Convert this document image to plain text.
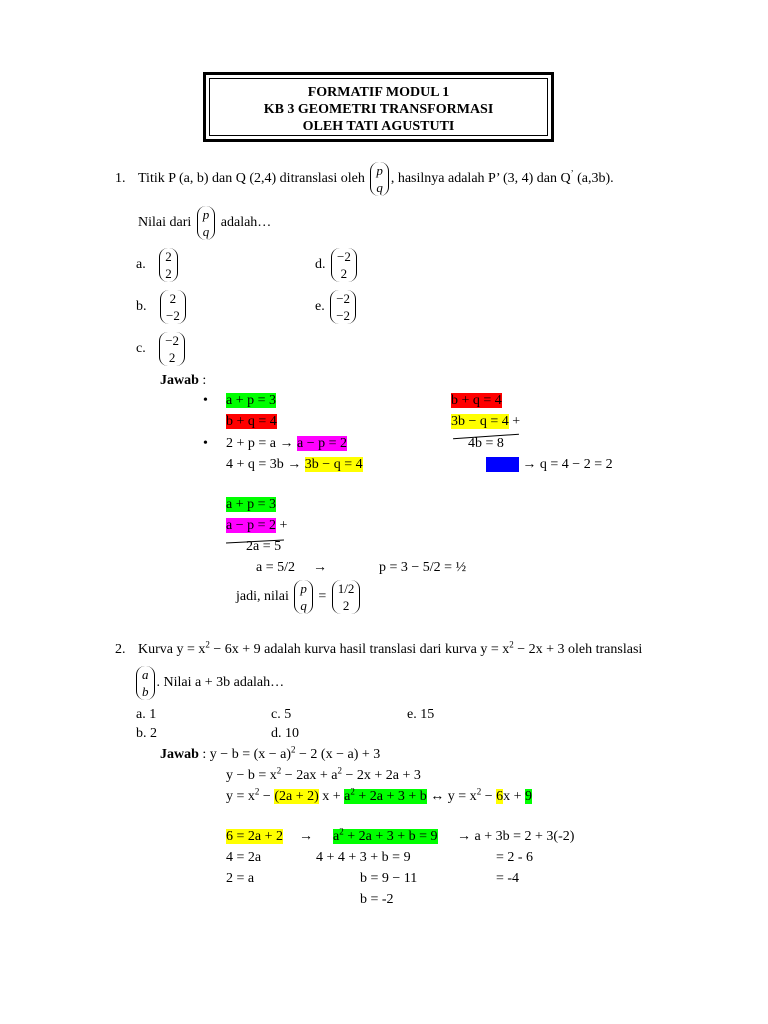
FORMATIF MODUL 1
KB 3 GEOMETRI TRANSFORMASI
OLEH TATI AGUSTUTI
1. Titik P (a, b) dan Q (2,4) ditranslasi oleh
p
q
, hasilnya adalah P’ (3, 4) dan Q’ (a,3b).
Nilai dari
p
q
adalah…
a.
2
2
b.
2
−2
c.
−2
2
d.
−2
2
e.
−2
−2
Jawab :
• a + p = 3
b + q = 4
b + q = 4
3b − q = 4 +
4b = 8
• 2 + p = a → a − p = 2
4 + q = 3b → 3b − q = 4	b = 2 → q = 4 − 2 = 2
a + p = 3
a − p = 2 +
2a = 5
a = 5/2 →	p = 3 − 5/2 = ½
jadi, nilai
p
q
=
1/2
2
2. Kurva $y = x^2 - 6x + 9$ adalah kurva hasil translasi dari kurva $y = x^2 - 2x + 3$ oleh translasi
a
b
. Nilai a + 3b adalah…
a. 1
b. 2
c. 5
d. 10
e. 15
Jawab : $y - b = (x - a)^2 - 2$ (x − a) + 3
$y - b = x^2 - 2ax + a^2 - 2x + 2a + 3$
$y = x^2 - (2a + 2) x + a^2 + 2a + 3 + b$ ↔ $y = x^2 - 6x + 9$
$6 = 2a + 2 \to a^2 + 2a + 3 + b = 9 \to a + 3b = 2 + 3(-2)$
4 = 2a	4 + 4 + 3 + b = 9	= 2 - 6
2 = a	b = 9 − 11	= -4
b = -2
